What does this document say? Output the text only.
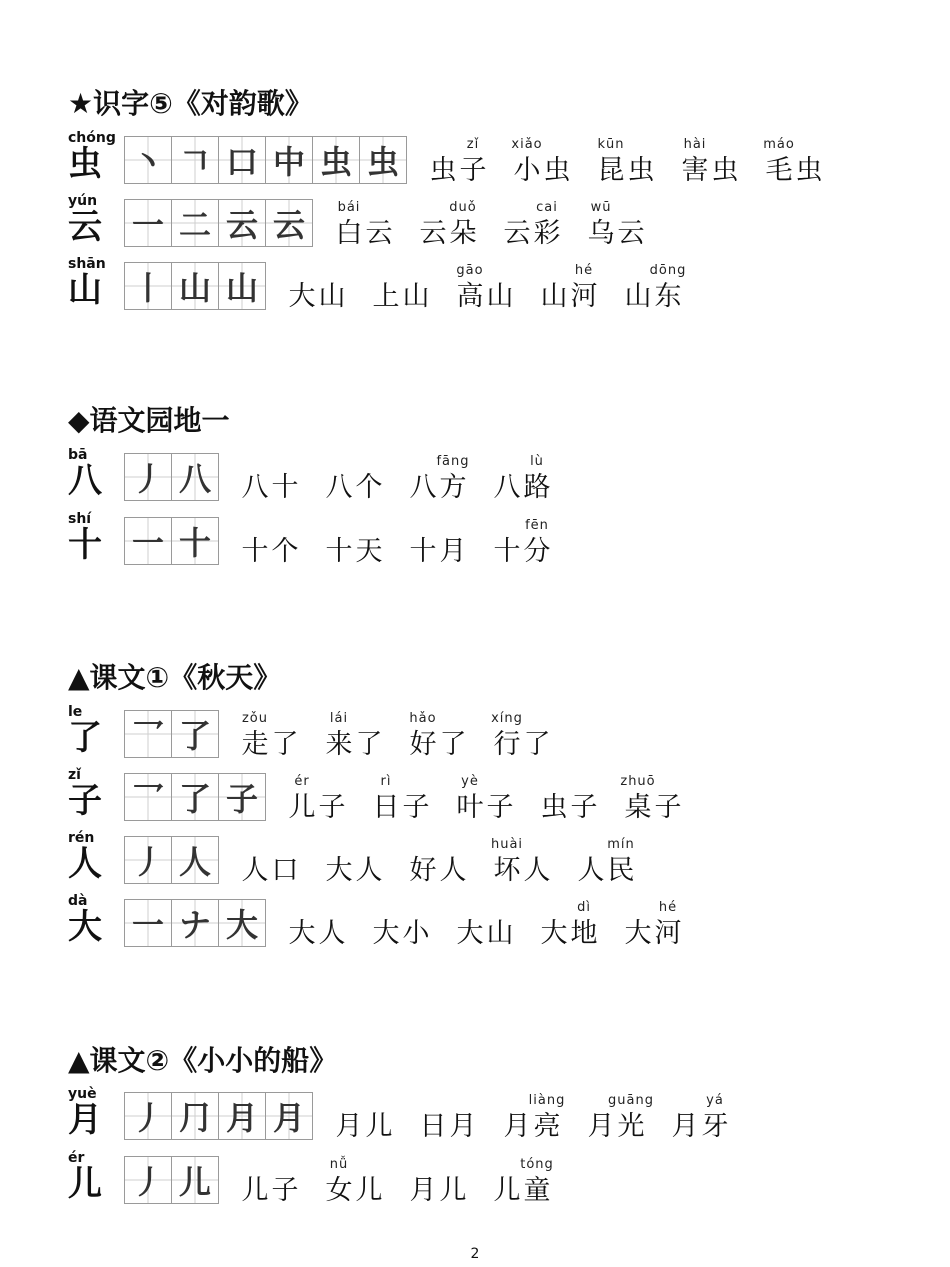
★识字⑤《对韵歌》
chóng
虫 丶 𠃍 口 中 虫 虫 虫
zǐ
子
xiǎo
小 虫
kūn
昆 虫
hài
害 虫
máo
毛 虫
yún
云 一 二 云 云	bái
白 云 云
duǒ
朵 云
cai
彩
wū
乌 云
shān
山 丨 山 山 大 山 上 山
gāo
高 山 山
hé
河 山
dōng
东
◆语文园地一
bā
八 丿 八 八 十 八 个 八
fāng
方 八
lù
路
shí
十 一 十 十 个 十 天 十 月 十
fēn
分
▲课文①《秋天》
le
了 乛 了 zǒu
走 了
lái
来 了
hǎo
好 了
xíng
行 了
zǐ
子 乛 了 子	ér
儿 子
rì
日 子
yè
叶 子 虫 子
zhuō
桌 子
rén
人 丿 人 人 口 大 人 好 人
huài
坏 人 人
mín
民
dà
大 一 ナ 大 大 人 大 小 大 山 大
dì
地 大
hé
河
▲课文②《小小的船》
yuè
月 丿 ⺆ 月 月 月 儿 日 月 月
liàng
亮 月
guāng
光 月
yá
牙
ér
儿 丿 儿 儿 子
nǚ
女 儿 月 儿 儿
tóng
童
2
